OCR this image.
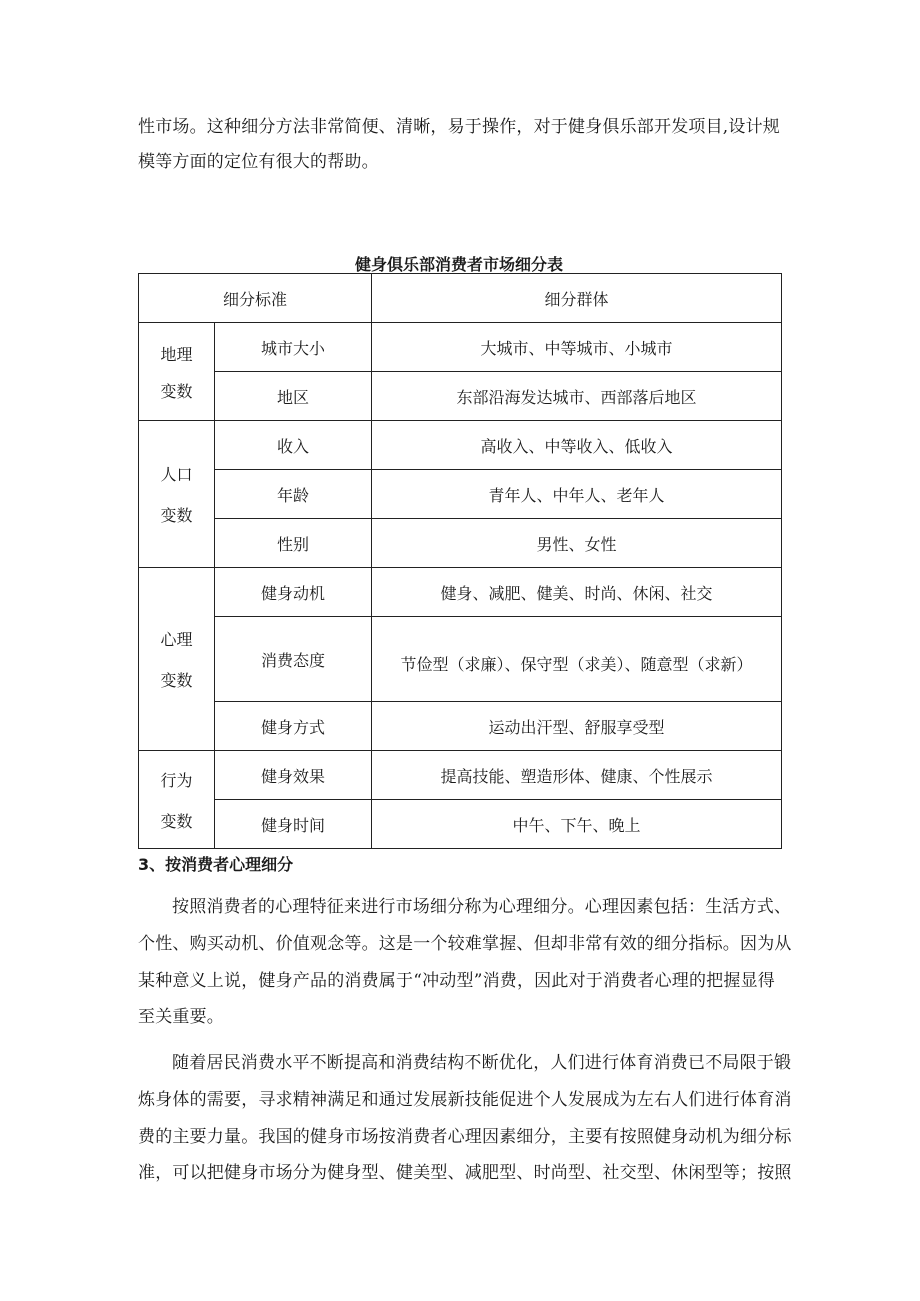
性市场。这种细分方法非常简便、清晰，易于操作，对于健身俱乐部开发项目,设计规
模等方面的定位有很大的帮助。
健身俱乐部消费者市场细分表
细分标准		细分群体

地理
变数	城市大小	大城市、中等城市、小城市
	地区	东部沿海发达城市、西部落后地区

人口
变数	收入	高收入、中等收入、低收入
	年龄	青年人、中年人、老年人
	性别	男性、女性

心理
变数	健身动机	健身、减肥、健美、时尚、休闲、社交
	消费态度	节俭型（求廉）、保守型（求美）、随意型（求新）
	健身方式	运动出汗型、舒服享受型

行为
变数	健身效果	提高技能、塑造形体、健康、个性展示
	健身时间	中午、下午、晚上
3、按消费者心理细分
按照消费者的心理特征来进行市场细分称为心理细分。心理因素包括：生活方式、
个性、购买动机、价值观念等。这是一个较难掌握、但却非常有效的细分指标。因为从
某种意义上说，健身产品的消费属于“冲动型”消费，因此对于消费者心理的把握显得
至关重要。
随着居民消费水平不断提高和消费结构不断优化，人们进行体育消费已不局限于锻
炼身体的需要，寻求精神满足和通过发展新技能促进个人发展成为左右人们进行体育消
费的主要力量。我国的健身市场按消费者心理因素细分，主要有按照健身动机为细分标
准，可以把健身市场分为健身型、健美型、减肥型、时尚型、社交型、休闲型等；按照
